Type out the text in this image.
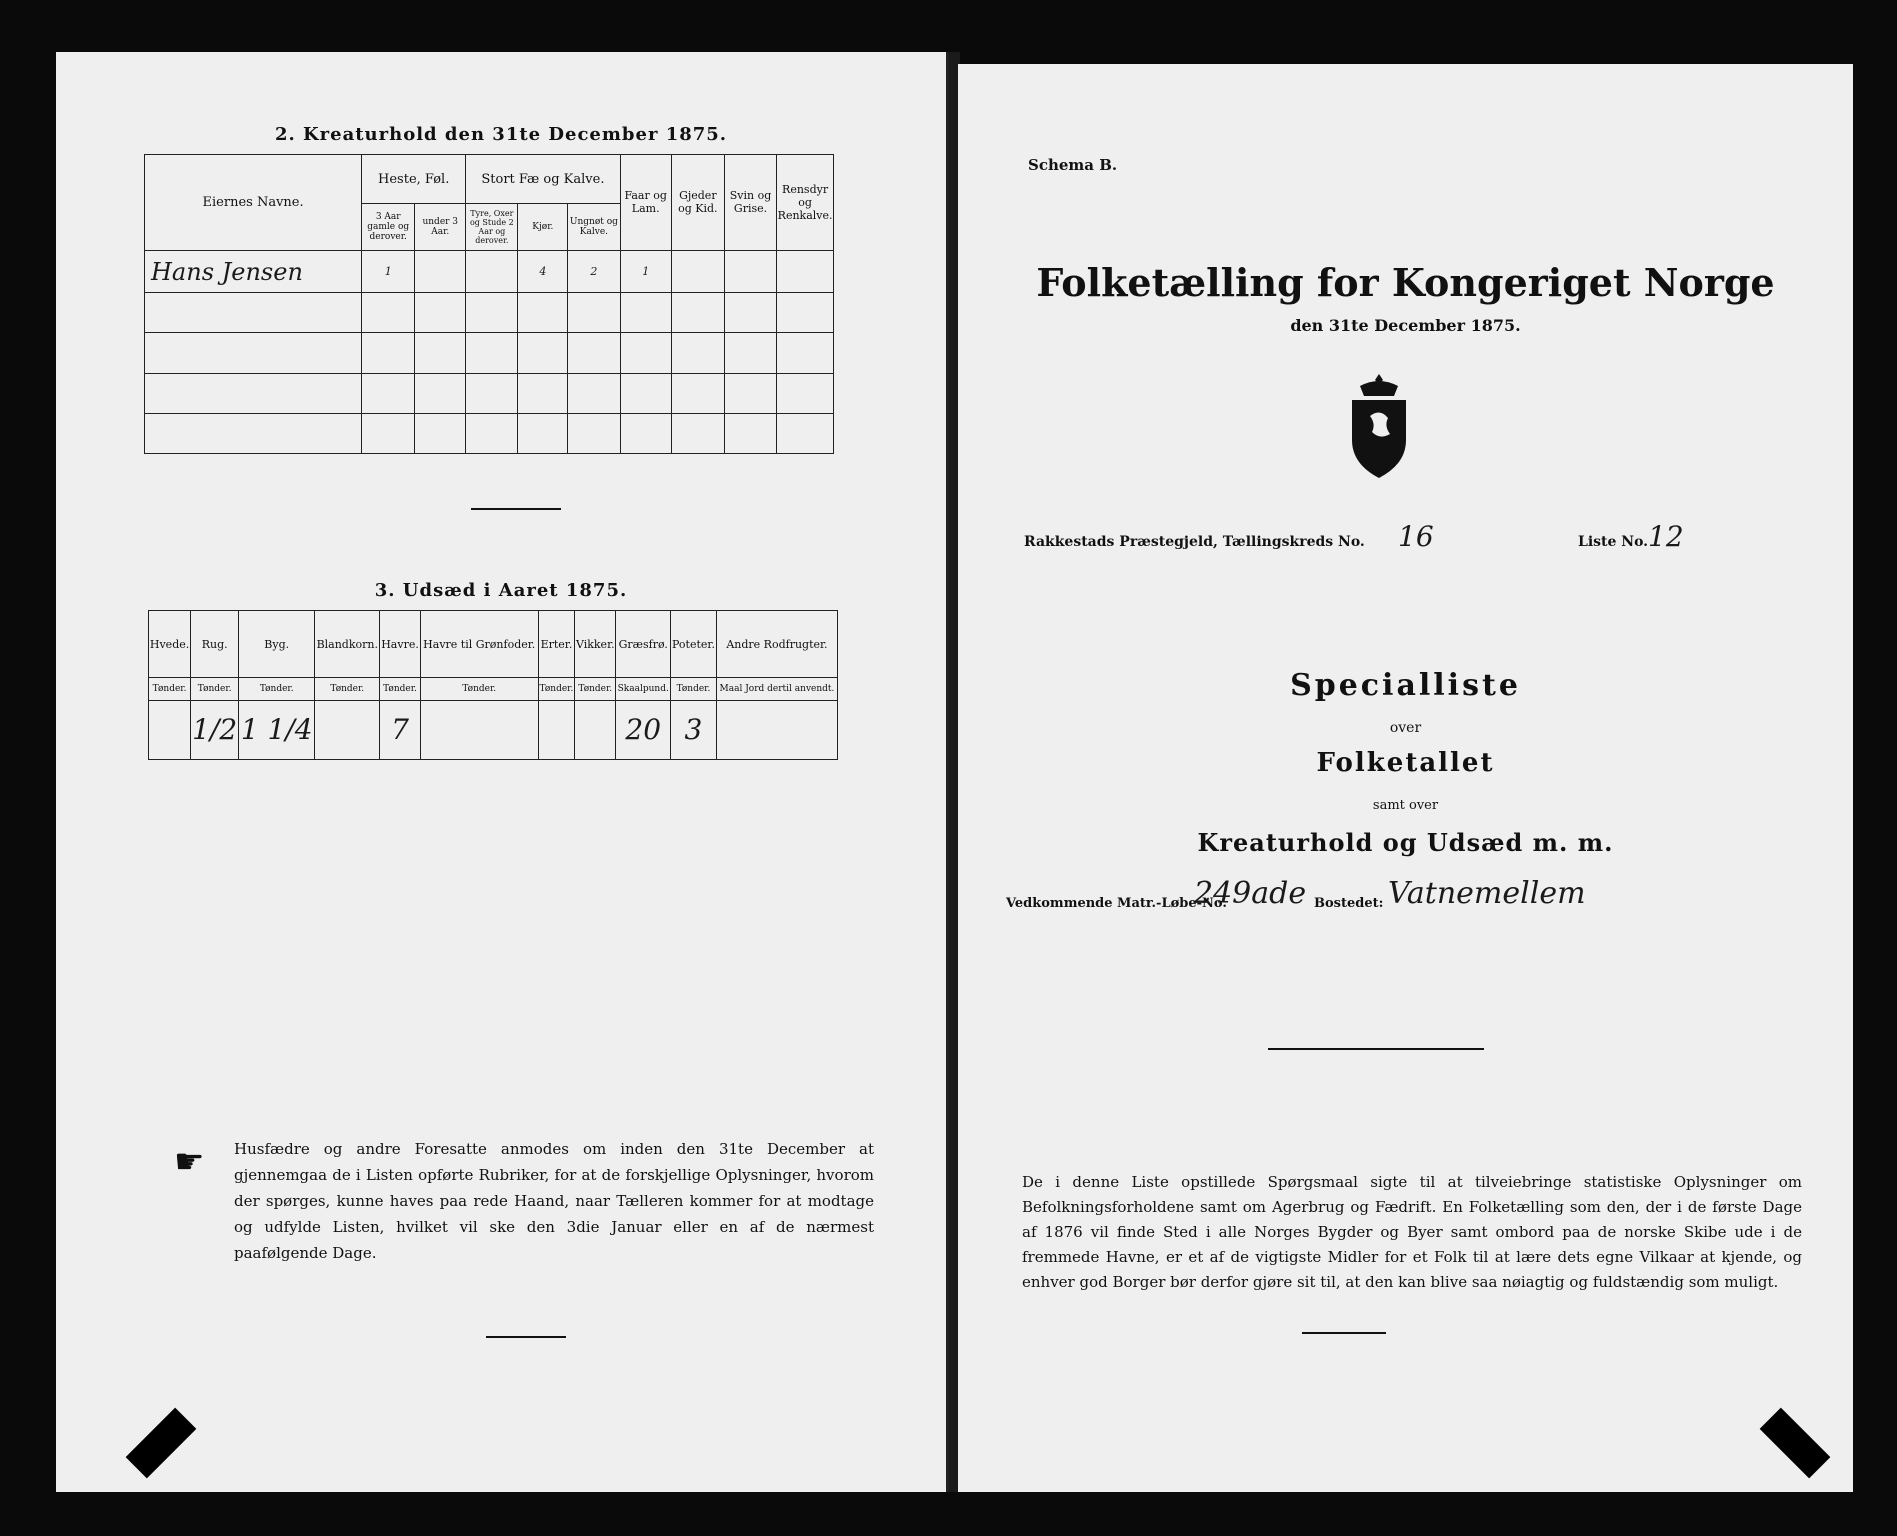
2. Kreaturhold den 31te December 1875.
Eiernes Navne.	Heste, Føl.		Stort Fæ og Kalve.			Faar og Lam.	Gjeder og Kid.	Svin og Grise.	Rensdyr og Renkalve.
	3 Aar gamle og derover.	under 3 Aar.	Tyre, Oxer og Stude 2 Aar og derover.	Kjør.	Ungnøt og Kalve.				
Hans Jensen	1			4	2	1			

3. Udsæd i Aaret 1875.
Hvede.	Rug.	Byg.	Blandkorn.	Havre.	Havre til Grønfoder.	Erter.	Vikker.	Græsfrø.	Poteter.	Andre Rodfrugter.
Tønder.	Tønder.	Tønder.	Tønder.	Tønder.	Tønder.	Tønder.	Tønder.	Skaalpund.	Tønder.	Maal Jord dertil anvendt.
	1/2	1 1/4		7				20	3	
☛ Husfædre og andre Foresatte anmodes om inden den 31te December at gjennemgaa de i Listen opførte Rubriker, for at de forskjellige Oplysninger, hvorom der spørges, kunne haves paa rede Haand, naar Tælleren kommer for at modtage og udfylde Listen, hvilket vil ske den 3die Januar eller en af de nærmest paafølgende Dage.
Schema B.
Folketælling for Kongeriget Norge
den 31te December 1875.
Rakkestads Præstegjeld, Tællingskreds No. 16	Liste No. 12
Specialliste
over
Folketallet
samt over
Kreaturhold og Udsæd m. m.
Vedkommende Matr.-Løbe-No.
249ade Bostedet: Vatnemellem
De i denne Liste opstillede Spørgsmaal sigte til at tilveiebringe statistiske Oplysninger om Befolkningsforholdene samt om Agerbrug og Fædrift. En Folketælling som den, der i de første Dage af 1876 vil finde Sted i alle Norges Bygder og Byer samt ombord paa de norske Skibe ude i de fremmede Havne, er et af de vigtigste Midler for et Folk til at lære dets egne Vilkaar at kjende, og enhver god Borger bør derfor gjøre sit til, at den kan blive saa nøiagtig og fuldstændig som muligt.
